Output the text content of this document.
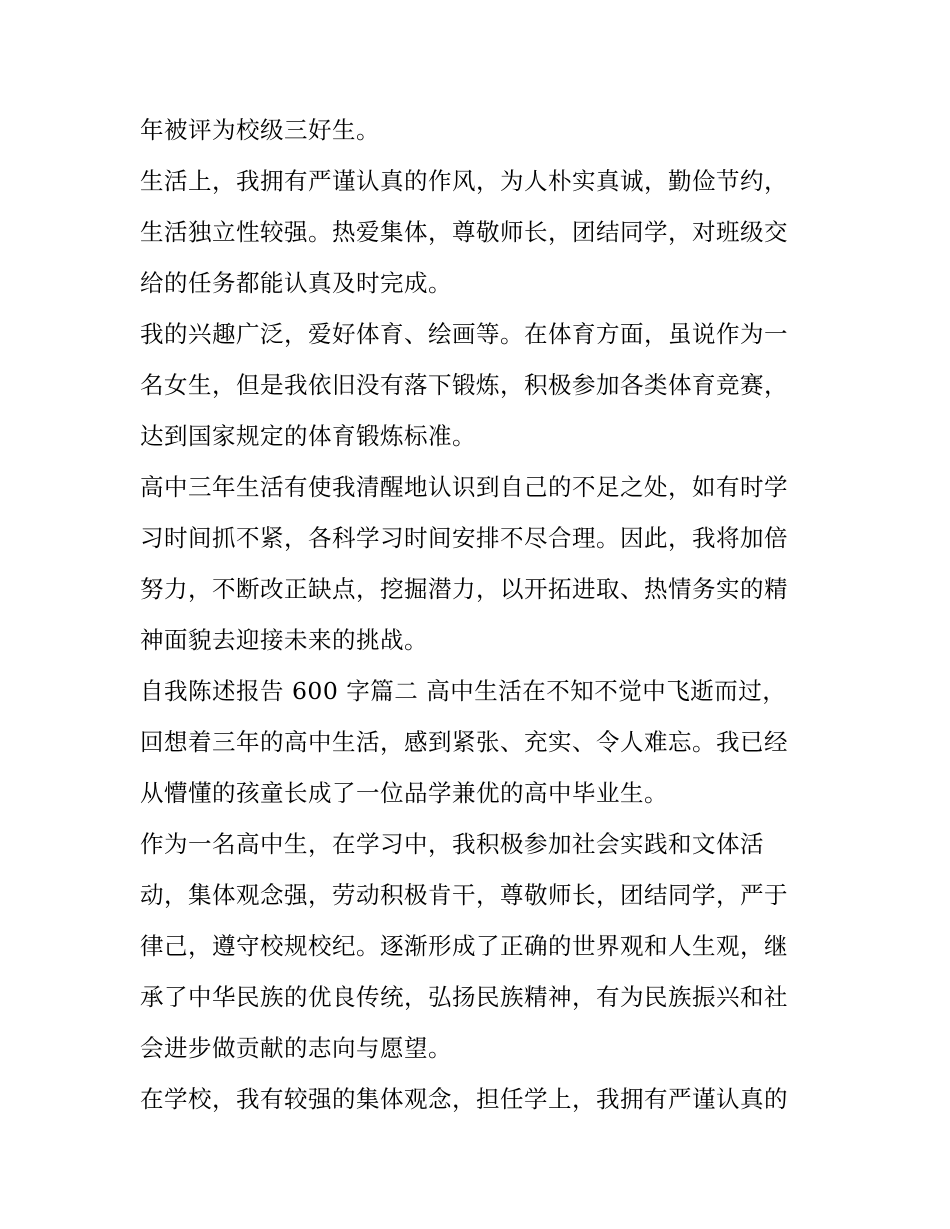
年被评为校级三好生。
生活上，我拥有严谨认真的作风，为人朴实真诚，勤俭节约，
生活独立性较强。热爱集体，尊敬师长，团结同学，对班级交
给的任务都能认真及时完成。
我的兴趣广泛，爱好体育、绘画等。在体育方面，虽说作为一
名女生，但是我依旧没有落下锻炼，积极参加各类体育竞赛，
达到国家规定的体育锻炼标准。
高中三年生活有使我清醒地认识到自己的不足之处，如有时学
习时间抓不紧，各科学习时间安排不尽合理。因此，我将加倍
努力，不断改正缺点，挖掘潜力，以开拓进取、热情务实的精
神面貌去迎接未来的挑战。
自我陈述报告 600 字篇二 高中生活在不知不觉中飞逝而过，
回想着三年的高中生活，感到紧张、充实、令人难忘。我已经
从懵懂的孩童长成了一位品学兼优的高中毕业生。
作为一名高中生，在学习中，我积极参加社会实践和文体活
动，集体观念强，劳动积极肯干，尊敬师长，团结同学，严于
律己，遵守校规校纪。逐渐形成了正确的世界观和人生观，继
承了中华民族的优良传统，弘扬民族精神，有为民族振兴和社
会进步做贡献的志向与愿望。
在学校，我有较强的集体观念，担任学上，我拥有严谨认真的
